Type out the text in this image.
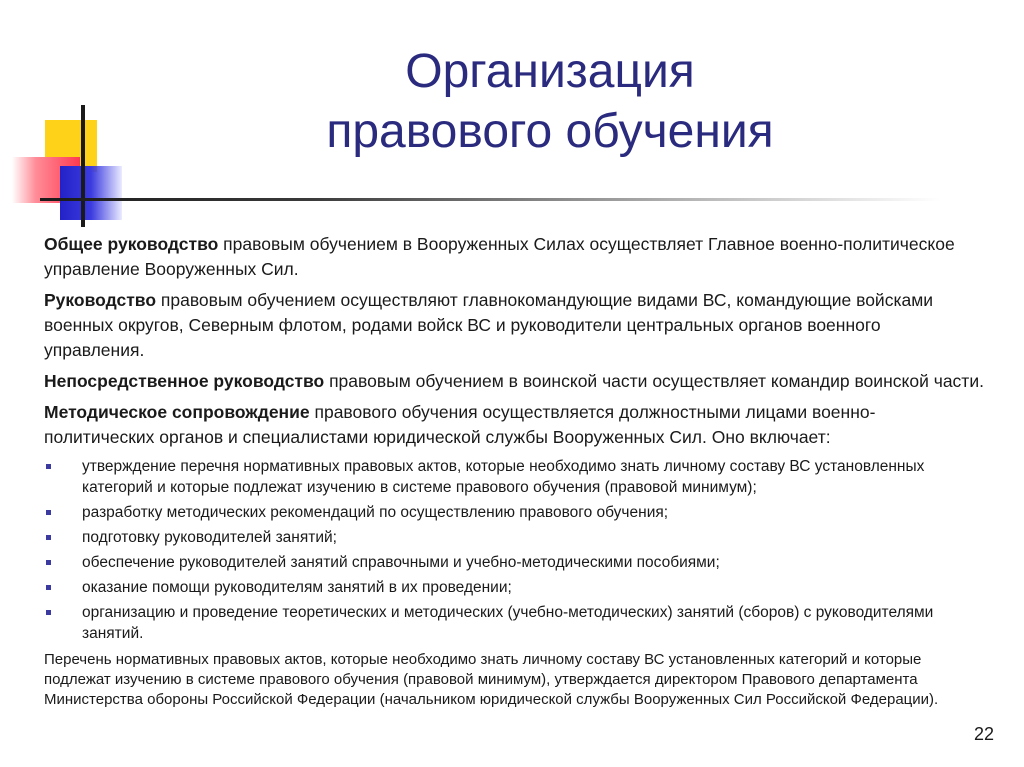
Организация
правового обучения

Общее руководство правовым обучением в Вооруженных Силах осуществляет Главное военно-политическое управление Вооруженных Сил.

Руководство правовым обучением осуществляют главнокомандующие видами ВС, командующие войсками военных округов, Северным флотом, родами войск ВС и руководители центральных органов военного управления.

Непосредственное руководство правовым обучением в воинской части осуществляет командир воинской части.

Методическое сопровождение правового обучения осуществляется должностными лицами военно-политических органов и специалистами юридической службы Вооруженных Сил. Оно включает:

утверждение перечня нормативных правовых актов, которые необходимо знать личному составу ВС установленных категорий и которые подлежат изучению в системе правового обучения (правовой минимум);
разработку методических рекомендаций по осуществлению правового обучения;
подготовку руководителей занятий;
обеспечение руководителей занятий справочными и учебно-методическими пособиями;
оказание помощи руководителям занятий в их проведении;
организацию и проведение теоретических и методических (учебно-методических) занятий (сборов) с руководителями занятий.

Перечень нормативных правовых актов, которые необходимо знать личному составу ВС установленных категорий и которые подлежат изучению в системе правового обучения (правовой минимум), утверждается директором Правового департамента Министерства обороны Российской Федерации (начальником юридической службы Вооруженных Сил Российской Федерации).

22
